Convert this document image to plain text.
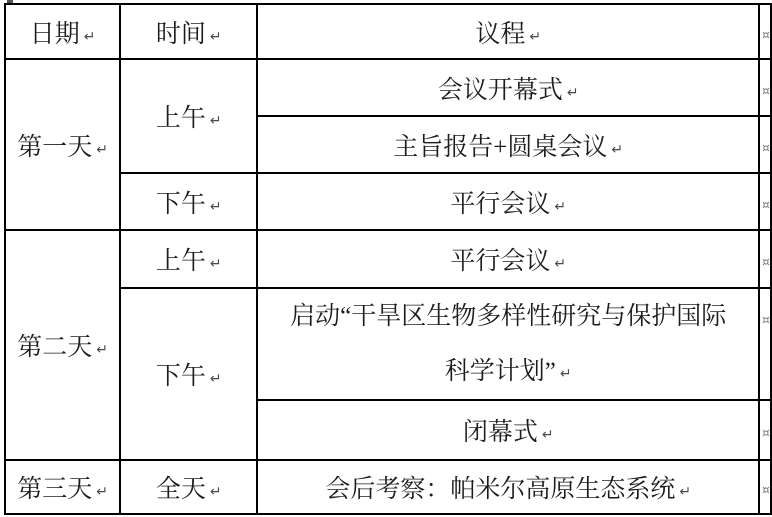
日期 ↵	时间 ↵	议程 ↵	¤
第一天 ↵	上午 ↵	会议开幕式 ↵	¤
		主旨报告+圆桌会议 ↵	¤
	下午 ↵	平行会议 ↵	¤
第二天 ↵	上午 ↵	平行会议 ↵	¤
	下午 ↵	启动“干旱区生物多样性研究与保护国际
科学计划” ↵	¤
		闭幕式 ↵	¤
第三天 ↵	全天 ↵	会后考察：帕米尔高原生态系统 ↵	¤
